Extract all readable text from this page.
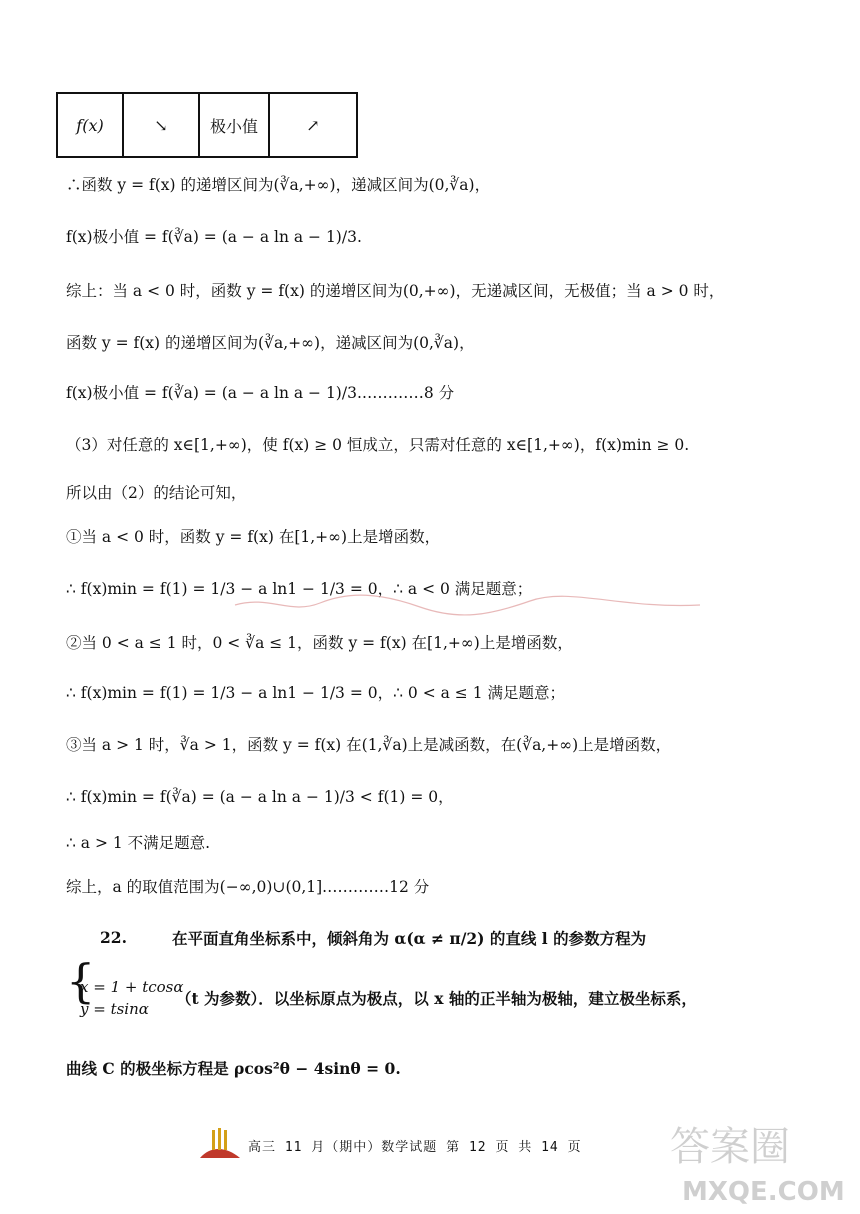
f(x)	↘	极小值	↗
∴函数 y = f(x) 的递增区间为(∛a,+∞)，递减区间为(0,∛a)，
f(x)极小值 = f(∛a) = (a − a ln a − 1)/3.
综上：当 a < 0 时，函数 y = f(x) 的递增区间为(0,+∞)，无递减区间，无极值；当 a > 0 时，
函数 y = f(x) 的递增区间为(∛a,+∞)，递减区间为(0,∛a)，
f(x)极小值 = f(∛a) = (a − a ln a − 1)/3.…………8 分
（3）对任意的 x∈[1,+∞)，使 f(x) ≥ 0 恒成立，只需对任意的 x∈[1,+∞)，f(x)min ≥ 0.
所以由（2）的结论可知，
①当 a < 0 时，函数 y = f(x) 在[1,+∞)上是增函数，
∴ f(x)min = f(1) = 1/3 − a ln1 − 1/3 = 0，∴ a < 0 满足题意；
②当 0 < a ≤ 1 时，0 < ∛a ≤ 1，函数 y = f(x) 在[1,+∞)上是增函数，
∴ f(x)min = f(1) = 1/3 − a ln1 − 1/3 = 0，∴ 0 < a ≤ 1 满足题意；
③当 a > 1 时，∛a > 1，函数 y = f(x) 在(1,∛a)上是减函数，在(∛a,+∞)上是增函数，
∴ f(x)min = f(∛a) = (a − a ln a − 1)/3 < f(1) = 0，
∴ a > 1 不满足题意.
综上，a 的取值范围为(−∞,0)∪(0,1].…………12 分
22.	在平面直角坐标系中，倾斜角为 α(α ≠ π/2) 的直线 l 的参数方程为
{
x = 1 + tcosα
y = tsinα
（t 为参数）．以坐标原点为极点，以 x 轴的正半轴为极轴，建立极坐标系，
曲线 C 的极坐标方程是 ρcos²θ − 4sinθ = 0.
高三 11 月（期中）数学试题 第 12 页 共 14 页 答案圈
MXQE.COM
